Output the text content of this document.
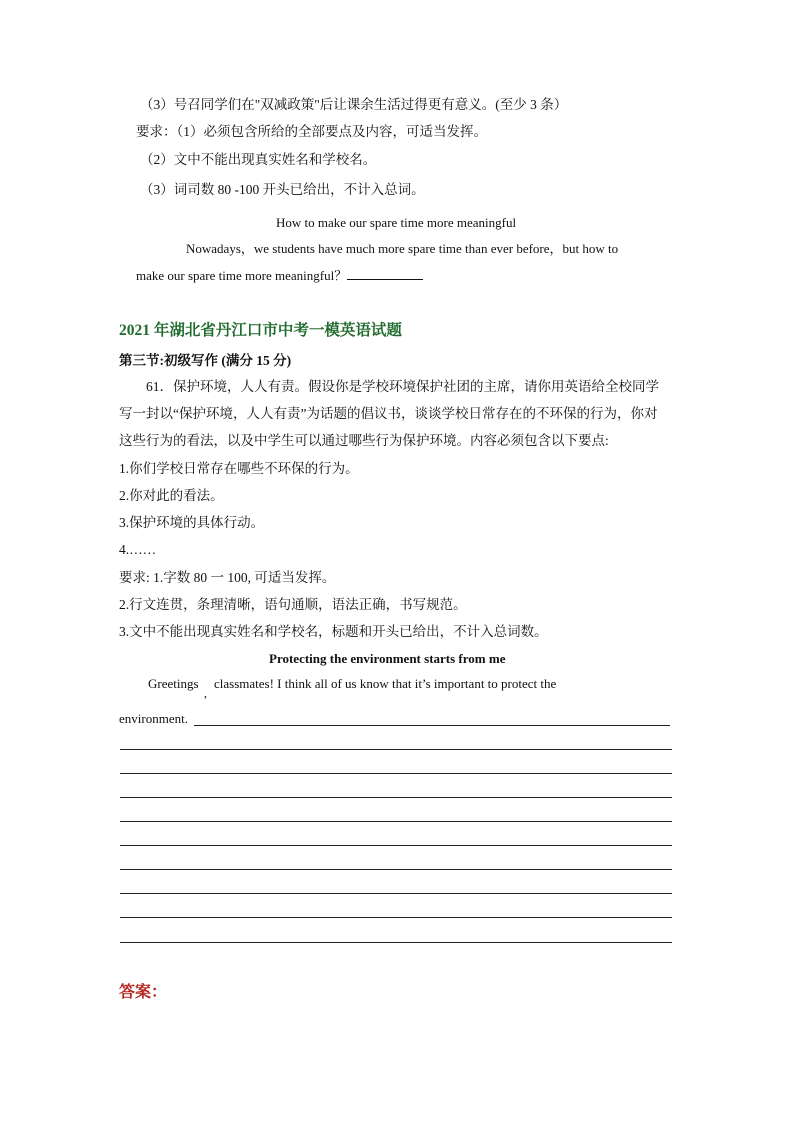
（3）号召同学们在"双减政策"后让课余生活过得更有意义。(至少 3 条）
要求：（1）必须包含所给的全部要点及内容，可适当发挥。
（2）文中不能出现真实姓名和学校名。
（3）词司数 80 -100 开头已给出，不计入总词。
How to make our spare time more meaningful
Nowadays，we students have much more spare time than ever before，but how to
make our spare time more meaningful？
2021 年湖北省丹江口市中考一模英语试题
第三节:初级写作 (满分 15 分)
61．保护环境，人人有责。假设你是学校环境保护社团的主席，请你用英语给全校同学
写一封以“保护环境，人人有责”为话题的倡议书，谈谈学校日常存在的不环保的行为，你对
这些行为的看法，以及中学生可以通过哪些行为保护环境。内容必须包含以下要点:
1.你们学校日常存在哪些不环保的行为。
2.你对此的看法。
3.保护环境的具体行动。
4.……
要求: 1.字数 80 一 100, 可适当发挥。
2.行文连贯，条理清晰，语句通顺，语法正确，书写规范。
3.文中不能出现真实姓名和学校名，标题和开头已给出，不计入总词数。
Protecting the environment starts from me
Greetings
,
classmates! I think all of us know that it’s important to protect the
environment.
答案：
